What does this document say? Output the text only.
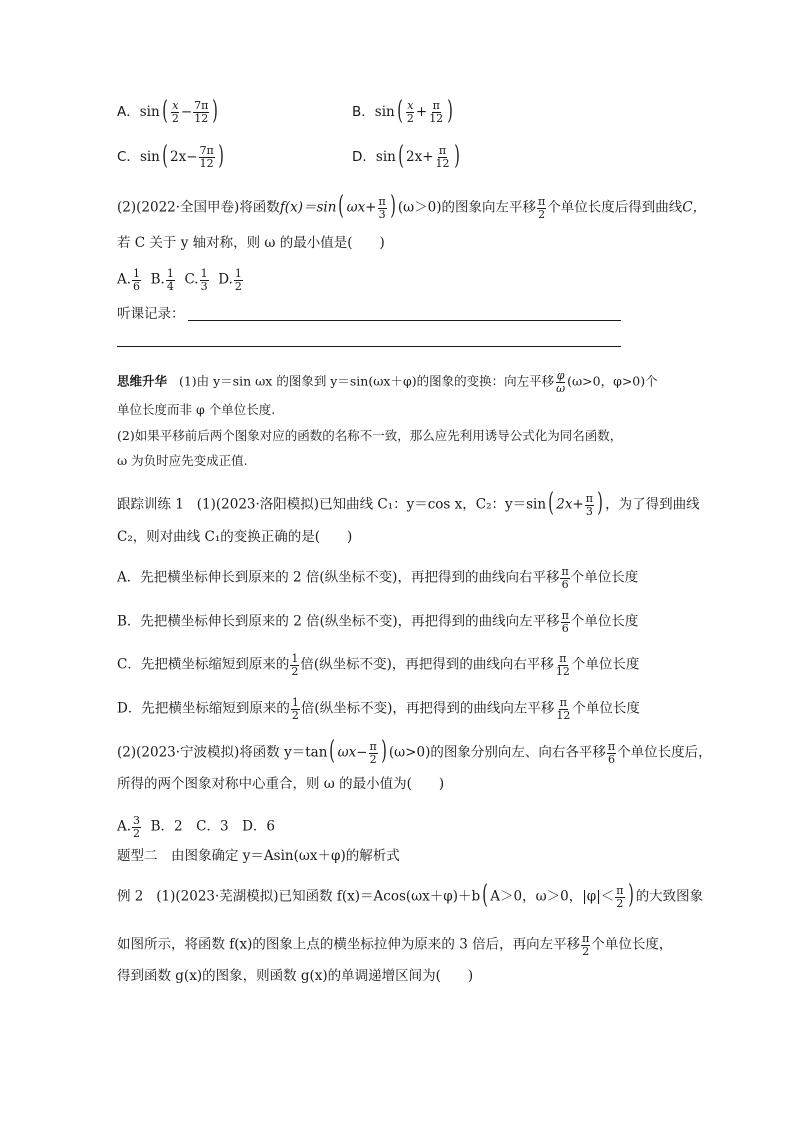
A．$\sin( \frac{x}{2} - \frac{7\pi}{12}$ )	B．$\sin( \frac{x}{2} + \frac{\pi}{12}$ )
C．sin( $2x- \frac{7\pi}{12}$ )	D．sin( $2x+ \frac{\pi}{12}$ )
(2)(2022·全国甲卷)将函数f(x)＝sin( $\omega x+ \frac{\pi}{3}$ ) (ω＞0)的图象向左平移 $\frac{\pi}{2}$ 个单位长度后得到曲线C，
若 C 关于 y 轴对称，则 ω 的最小值是(　　)
A. $\frac{1}{6} B$. $\frac{1}{4} C$. $\frac{1}{3} D$. $\frac{1}{2}$
听课记录：
思维升华 (1)由 y＝sin ωx 的图象到 y＝sin(ωx＋φ)的图象的变换：向左平移 $\frac{\varphi}{\omega} (\omega>0$，φ>0)个
单位长度而非 φ 个单位长度.
(2)如果平移前后两个图象对应的函数的名称不一致，那么应先利用诱导公式化为同名函数，
ω 为负时应先变成正值.
跟踪训练 1 (1)(2023·洛阳模拟)已知曲线 C₁：y＝cos x，C₂：y＝sin( $2x+ \frac{\pi}{3}$ ) ，为了得到曲线
C₂，则对曲线 C₁的变换正确的是(　　)
A．先把横坐标伸长到原来的 2 倍(纵坐标不变)，再把得到的曲线向右平移 $\frac{\pi}{6}$ 个单位长度
B．先把横坐标伸长到原来的 2 倍(纵坐标不变)，再把得到的曲线向左平移 $\frac{\pi}{6}$ 个单位长度
C．先把横坐标缩短到原来的 $\frac{1}{2}$ 倍(纵坐标不变)，再把得到的曲线向右平移 $\frac{\pi}{12}$ 个单位长度
D．先把横坐标缩短到原来的 $\frac{1}{2}$ 倍(纵坐标不变)，再把得到的曲线向左平移 $\frac{\pi}{12}$ 个单位长度
(2)(2023·宁波模拟)将函数 y＝tan( $\omega x- \frac{\pi}{2}$ ) (ω>0)的图象分别向左、向右各平移 $\frac{\pi}{6}$ 个单位长度后，
所得的两个图象对称中心重合，则 ω 的最小值为(　　)
A. $\frac{3}{2}$ B．2　C．3　D．6
题型二　由图象确定 y＝Asin(ωx＋φ)的解析式
例 2 (1)(2023·芜湖模拟)已知函数 f(x)＝Acos(ωx＋φ)＋b( A＞0，ω＞0，$|\varphi|< \frac{\pi}{2}$ ) 的大致图象
如图所示，将函数 f(x)的图象上点的横坐标拉伸为原来的 3 倍后，再向左平移 $\frac{\pi}{2}$ 个单位长度，
得到函数 g(x)的图象，则函数 g(x)的单调递增区间为(　　)
